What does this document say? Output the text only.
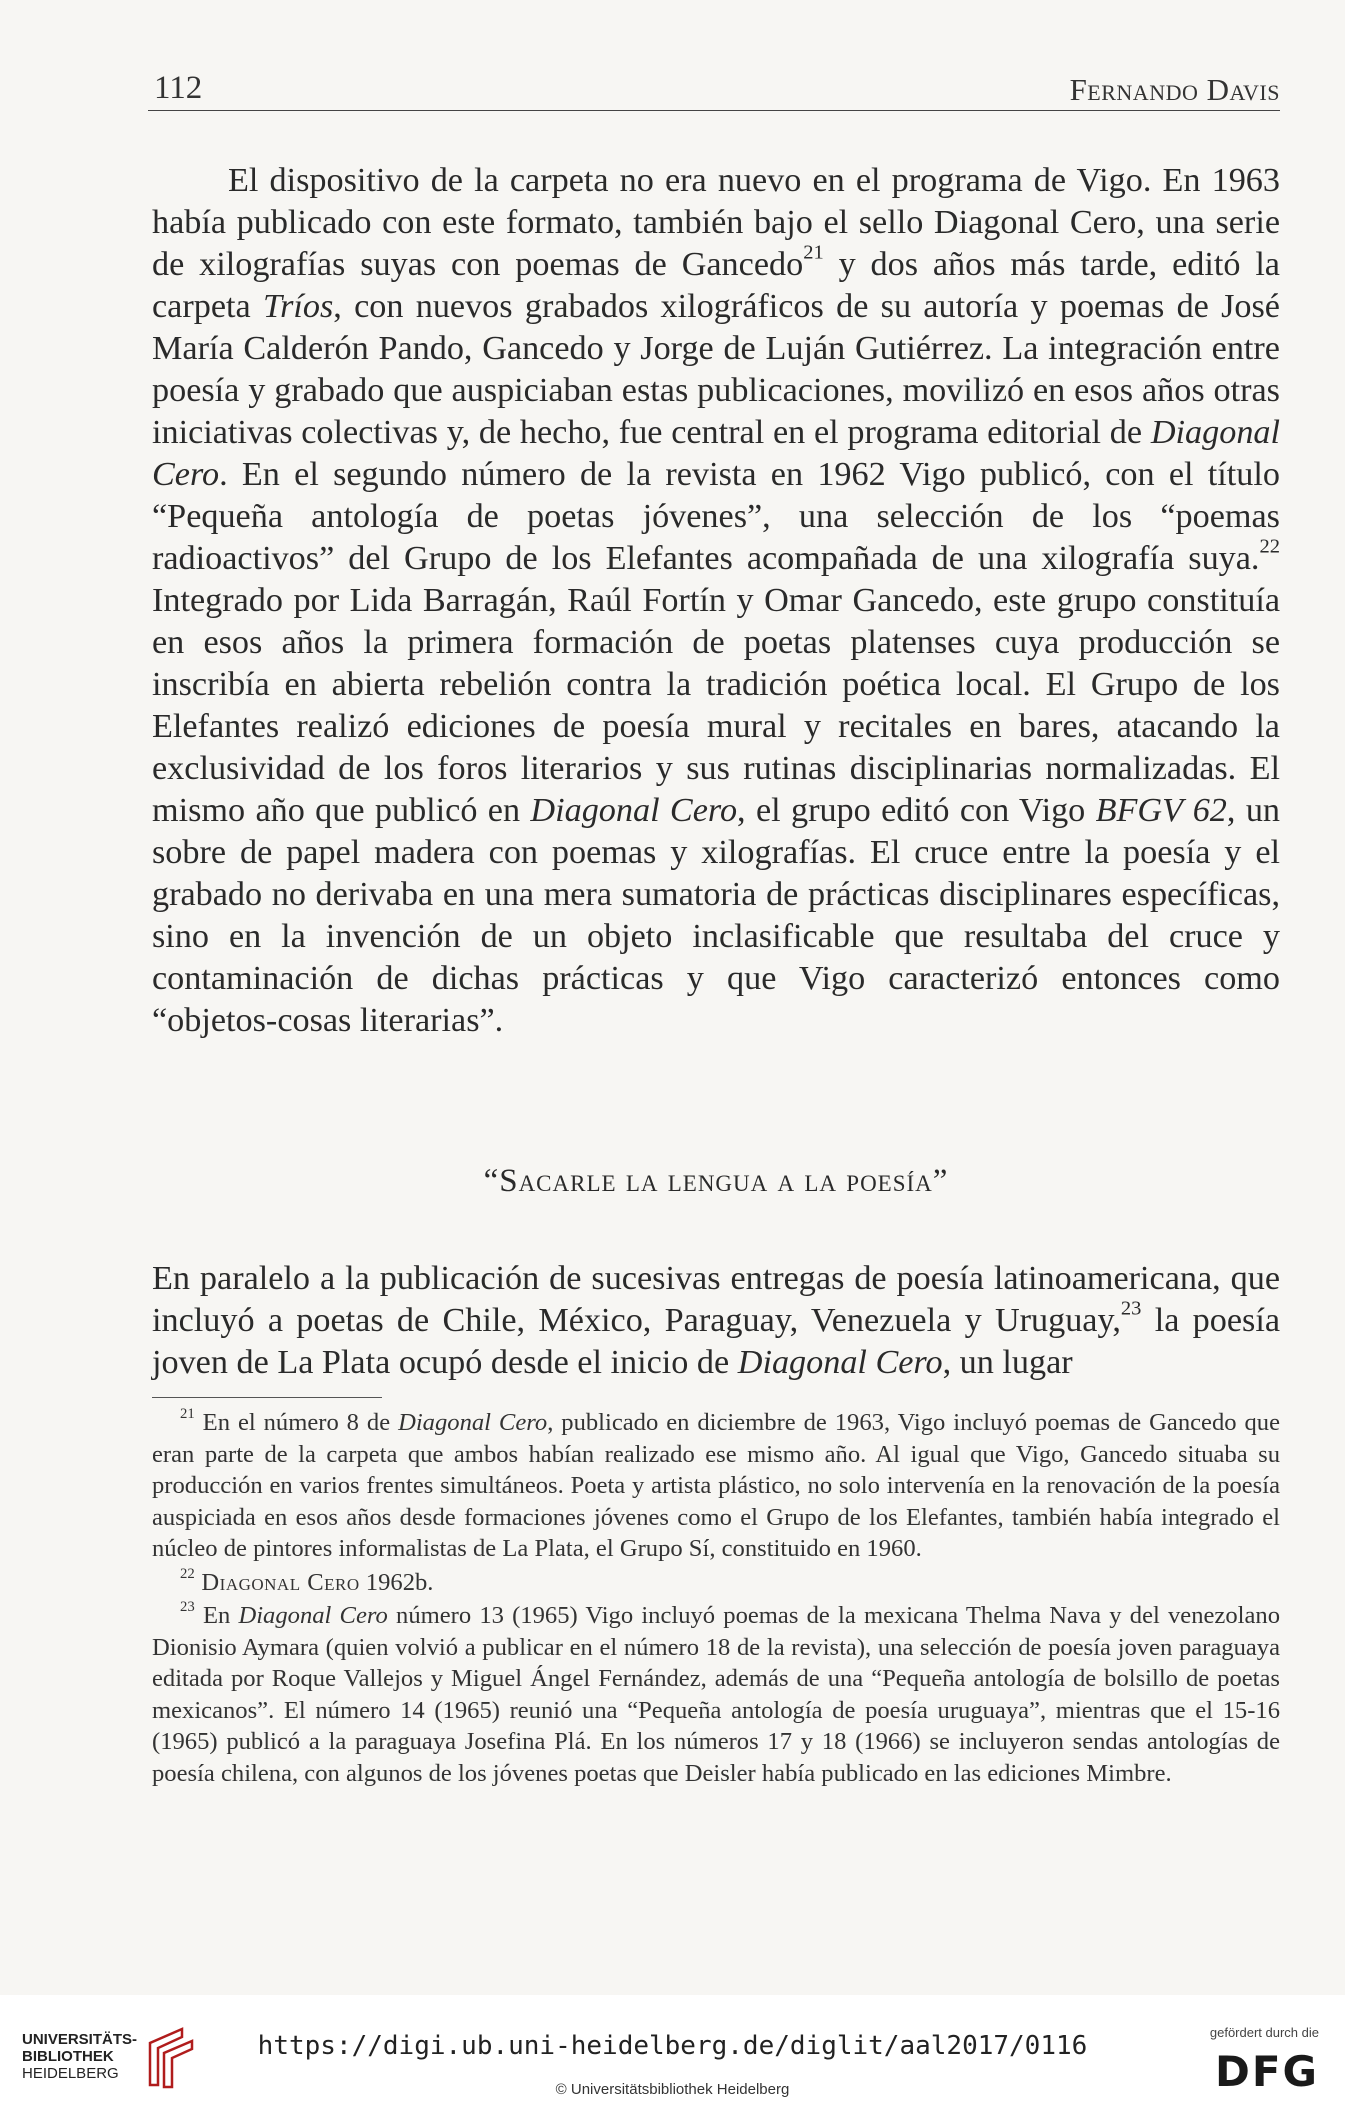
112	Fernando Davis

El dispositivo de la carpeta no era nuevo en el programa de Vigo. En 1963 había publicado con este formato, también bajo el sello Diagonal Cero, una serie de xilografías suyas con poemas de Gancedo$^{21}$ y dos años más tarde, editó la carpeta Tríos, con nuevos grabados xilográficos de su autoría y poemas de José María Calderón Pando, Gancedo y Jorge de Luján Gutiérrez. La integración entre poesía y grabado que auspiciaban estas publicaciones, movilizó en esos años otras iniciativas colectivas y, de hecho, fue central en el programa editorial de Diagonal Cero. En el segundo número de la revista en 1962 Vigo publicó, con el título “Pequeña antología de poetas jóvenes”, una selección de los “poemas radioactivos” del Grupo de los Elefantes acompañada de una xilografía suya.$^{22}$ Integrado por Lida Barragán, Raúl Fortín y Omar Gancedo, este grupo constituía en esos años la primera formación de poetas platenses cuya producción se inscribía en abierta rebelión contra la tradición poética local. El Grupo de los Elefantes realizó ediciones de poesía mural y recitales en bares, atacando la exclusividad de los foros literarios y sus rutinas disciplinarias normalizadas. El mismo año que publicó en Diagonal Cero, el grupo editó con Vigo BFGV 62, un sobre de papel madera con poemas y xilografías. El cruce entre la poesía y el grabado no derivaba en una mera sumatoria de prácticas disciplinares específicas, sino en la invención de un objeto inclasificable que resultaba del cruce y contaminación de dichas prácticas y que Vigo caracterizó entonces como “objetos-cosas literarias”.

“Sacarle la lengua a la poesía”

En paralelo a la publicación de sucesivas entregas de poesía latinoamericana, que incluyó a poetas de Chile, México, Paraguay, Venezuela y Uruguay,$^{23}$ la poesía joven de La Plata ocupó desde el inicio de Diagonal Cero, un lugar

$^{21}$ En el número 8 de Diagonal Cero, publicado en diciembre de 1963, Vigo incluyó poemas de Gancedo que eran parte de la carpeta que ambos habían realizado ese mismo año. Al igual que Vigo, Gancedo situaba su producción en varios frentes simultáneos. Poeta y artista plástico, no solo intervenía en la renovación de la poesía auspiciada en esos años desde formaciones jóvenes como el Grupo de los Elefantes, también había integrado el núcleo de pintores informalistas de La Plata, el Grupo Sí, constituido en 1960.

$^{22}$ Diagonal Cero 1962b.

$^{23}$ En Diagonal Cero número 13 (1965) Vigo incluyó poemas de la mexicana Thelma Nava y del venezolano Dionisio Aymara (quien volvió a publicar en el número 18 de la revista), una selección de poesía joven paraguaya editada por Roque Vallejos y Miguel Ángel Fernández, además de una “Pequeña antología de bolsillo de poetas mexicanos”. El número 14 (1965) reunió una “Pequeña antología de poesía uruguaya”, mientras que el 15-16 (1965) publicó a la paraguaya Josefina Plá. En los números 17 y 18 (1966) se incluyeron sendas antologías de poesía chilena, con algunos de los jóvenes poetas que Deisler había publicado en las ediciones Mimbre.

UNIVERSITÄTS-
BIBLIOTHEK
HEIDELBERG
https://digi.ub.uni-heidelberg.de/diglit/aal2017/0116
© Universitätsbibliothek Heidelberg
gefördert durch die
DFG
